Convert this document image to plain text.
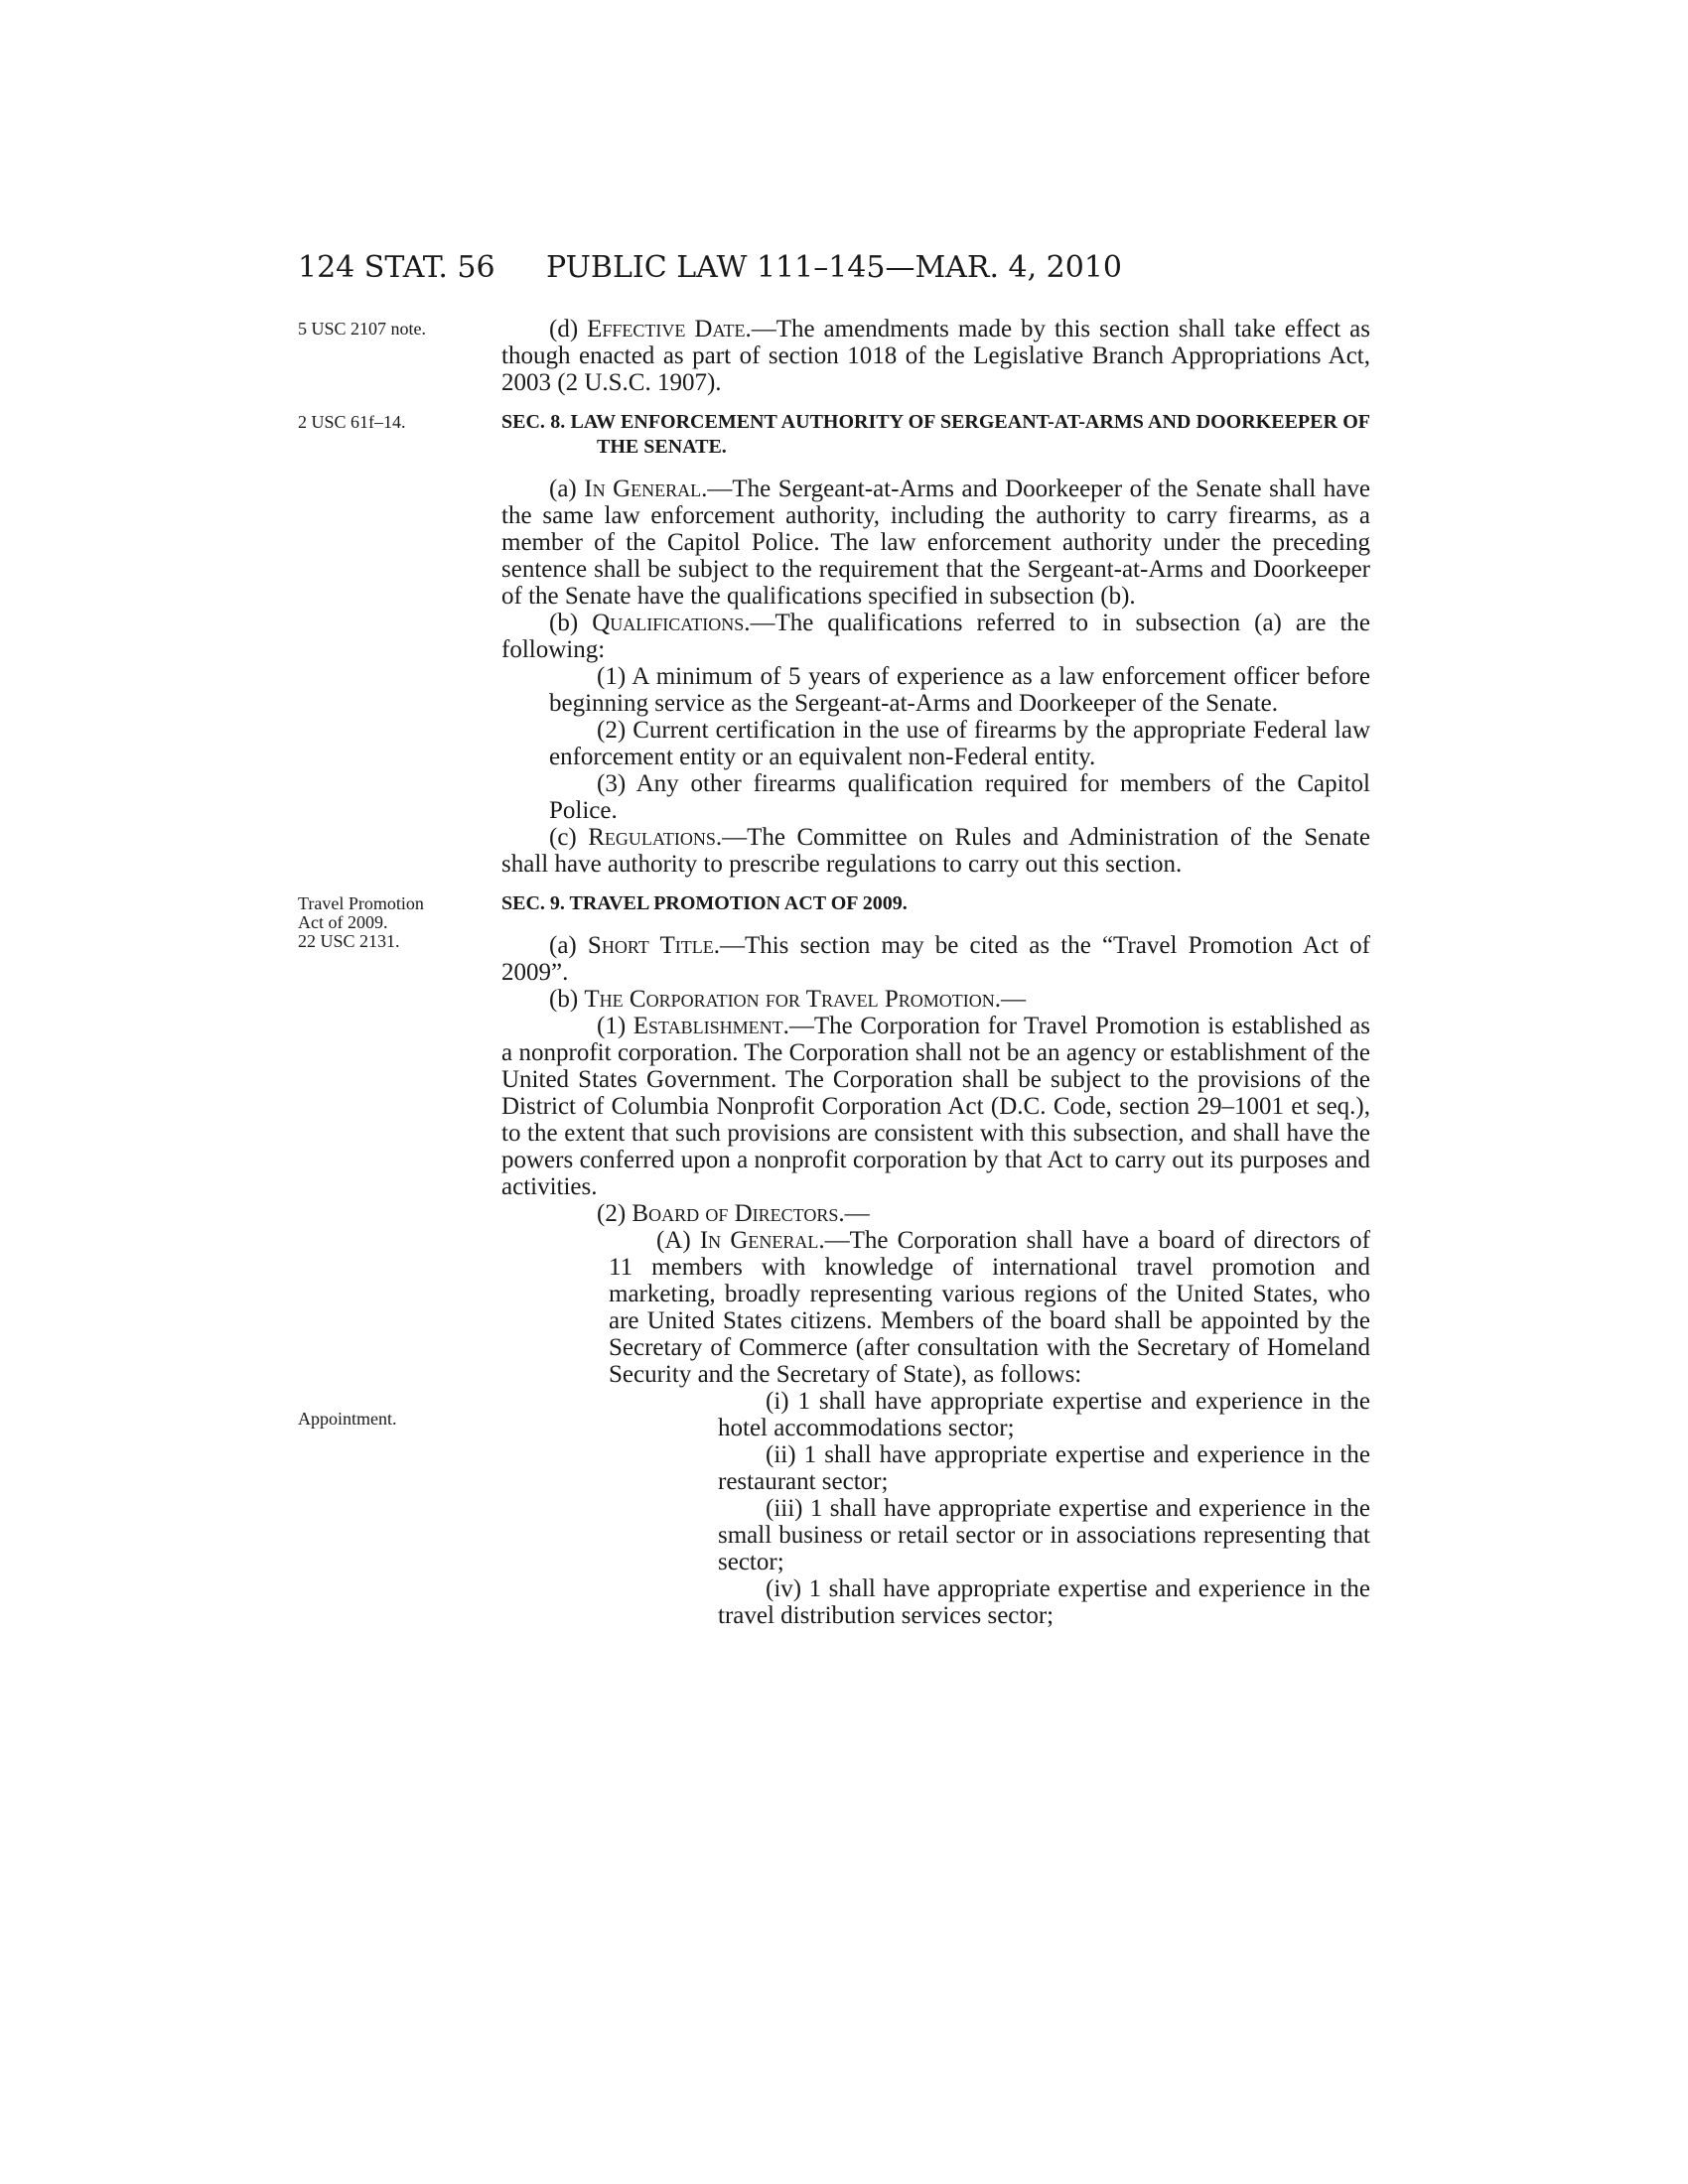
124 STAT. 56	PUBLIC LAW 111–145—MAR. 4, 2010
5 USC 2107 note.	(d) Effective Date.—The amendments made by this section shall take effect as though enacted as part of section 1018 of the Legislative Branch Appropriations Act, 2003 (2 U.S.C. 1907).

2 USC 61f–14.	SEC. 8. LAW ENFORCEMENT AUTHORITY OF SERGEANT-AT-ARMS AND DOORKEEPER OF THE SENATE.

(a) In General.—The Sergeant-at-Arms and Doorkeeper of the Senate shall have the same law enforcement authority, including the authority to carry firearms, as a member of the Capitol Police. The law enforcement authority under the preceding sentence shall be subject to the requirement that the Sergeant-at-Arms and Doorkeeper of the Senate have the qualifications specified in subsection (b).

(b) Qualifications.—The qualifications referred to in subsection (a) are the following:

(1) A minimum of 5 years of experience as a law enforcement officer before beginning service as the Sergeant-at-Arms and Doorkeeper of the Senate.

(2) Current certification in the use of firearms by the appropriate Federal law enforcement entity or an equivalent non-Federal entity.

(3) Any other firearms qualification required for members of the Capitol Police.

(c) Regulations.—The Committee on Rules and Administration of the Senate shall have authority to prescribe regulations to carry out this section.

Travel Promotion
Act of 2009.
22 USC 2131.
Appointment.

SEC. 9. TRAVEL PROMOTION ACT OF 2009.

(a) Short Title.—This section may be cited as the “Travel Promotion Act of 2009”.

(b) The Corporation for Travel Promotion.—

(1) Establishment.—The Corporation for Travel Promotion is established as a nonprofit corporation. The Corporation shall not be an agency or establishment of the United States Government. The Corporation shall be subject to the provisions of the District of Columbia Nonprofit Corporation Act (D.C. Code, section 29–1001 et seq.), to the extent that such provisions are consistent with this subsection, and shall have the powers conferred upon a nonprofit corporation by that Act to carry out its purposes and activities.

(2) Board of Directors.—

(A) In General.—The Corporation shall have a board of directors of 11 members with knowledge of international travel promotion and marketing, broadly representing various regions of the United States, who are United States citizens. Members of the board shall be appointed by the Secretary of Commerce (after consultation with the Secretary of Homeland Security and the Secretary of State), as follows:

(i) 1 shall have appropriate expertise and experience in the hotel accommodations sector;

(ii) 1 shall have appropriate expertise and experience in the restaurant sector;

(iii) 1 shall have appropriate expertise and experience in the small business or retail sector or in associations representing that sector;

(iv) 1 shall have appropriate expertise and experience in the travel distribution services sector;
